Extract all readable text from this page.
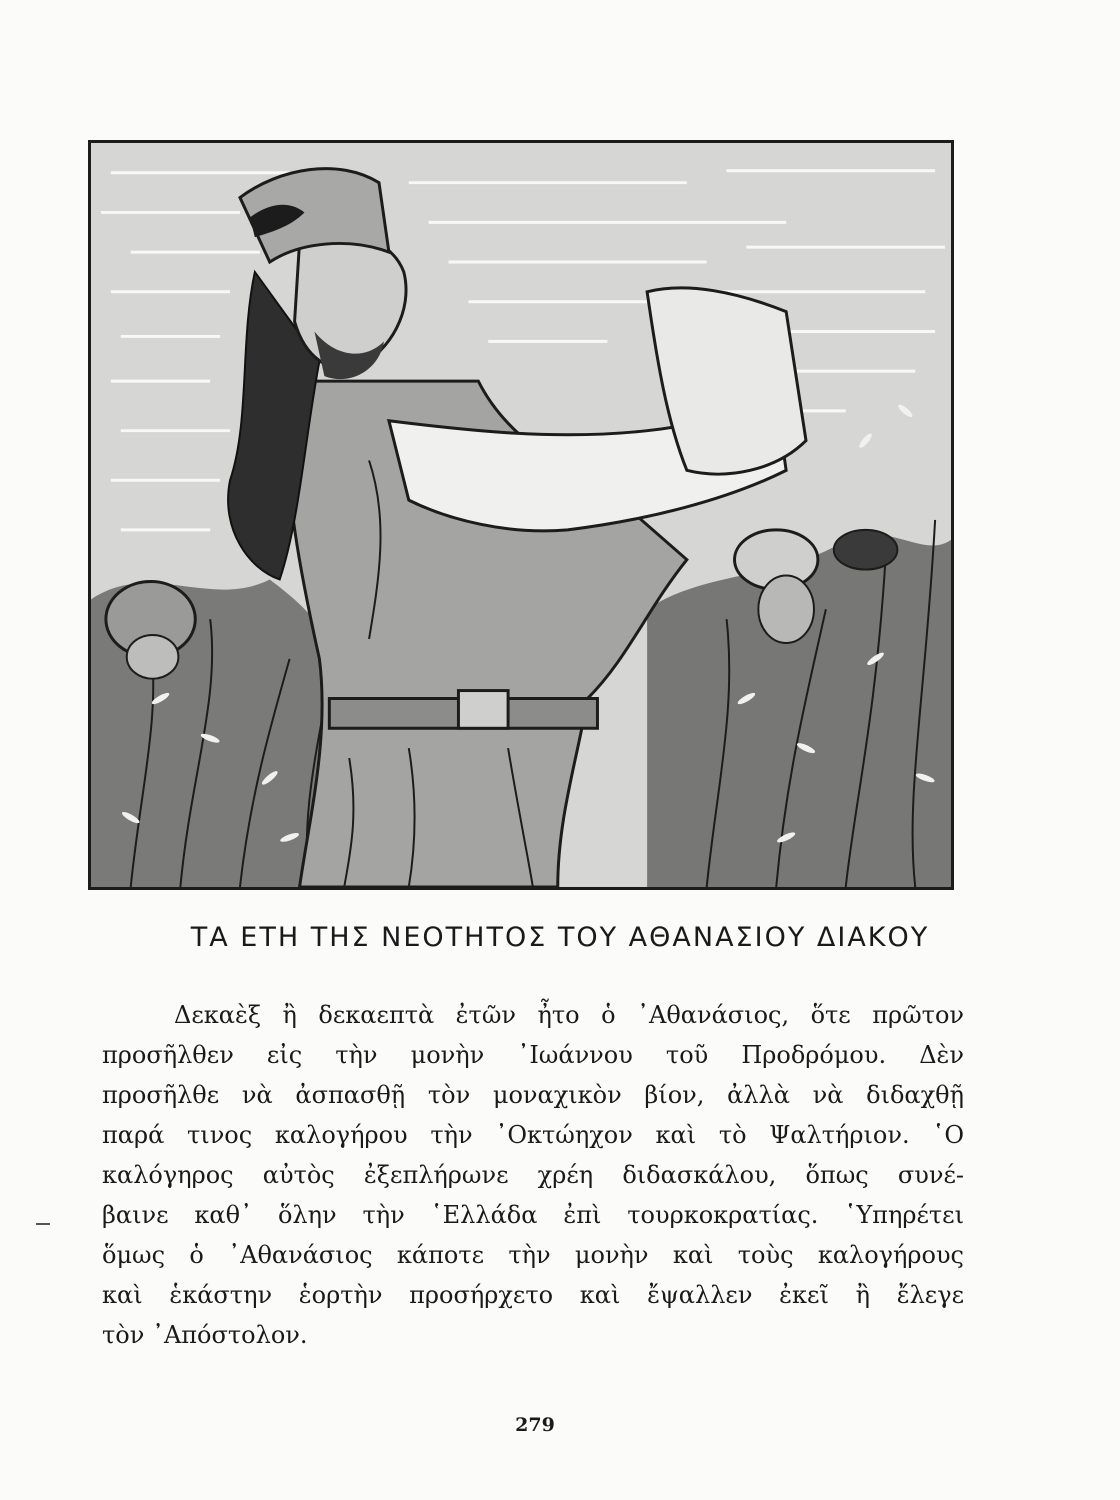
ΤΑ ΕΤΗ ΤΗΣ ΝΕΟΤΗΤΟΣ ΤΟΥ ΑΘΑΝΑΣΙΟΥ ΔΙΑΚΟΥ
Δεκαὲξ ἢ δεκαεπτὰ ἐτῶν ἦτο ὁ ᾿Αθανάσιος, ὅτε πρῶτον
προσῆλθεν εἰς τὴν μονὴν ᾿Ιωάννου τοῦ Προδρόμου. Δὲν
προσῆλθε νὰ ἀσπασθῇ τὸν μοναχικὸν βίον, ἀλλὰ νὰ διδαχθῇ
παρά τινος καλογήρου τὴν ᾿Οκτώηχον καὶ τὸ Ψαλτήριον. ῾Ο
καλόγηρος αὐτὸς ἐξεπλήρωνε χρέη διδασκάλου, ὅπως συνέ-
βαινε καθ᾿ ὅλην τὴν ῾Ελλάδα ἐπὶ τουρκοκρατίας. ῾Υπηρέτει
ὅμως ὁ ᾿Αθανάσιος κάποτε τὴν μονὴν καὶ τοὺς καλογήρους
καὶ ἑκάστην ἑορτὴν προσήρχετο καὶ ἔψαλλεν ἐκεῖ ἢ ἔλεγε
τὸν ᾿Απόστολον.
279
